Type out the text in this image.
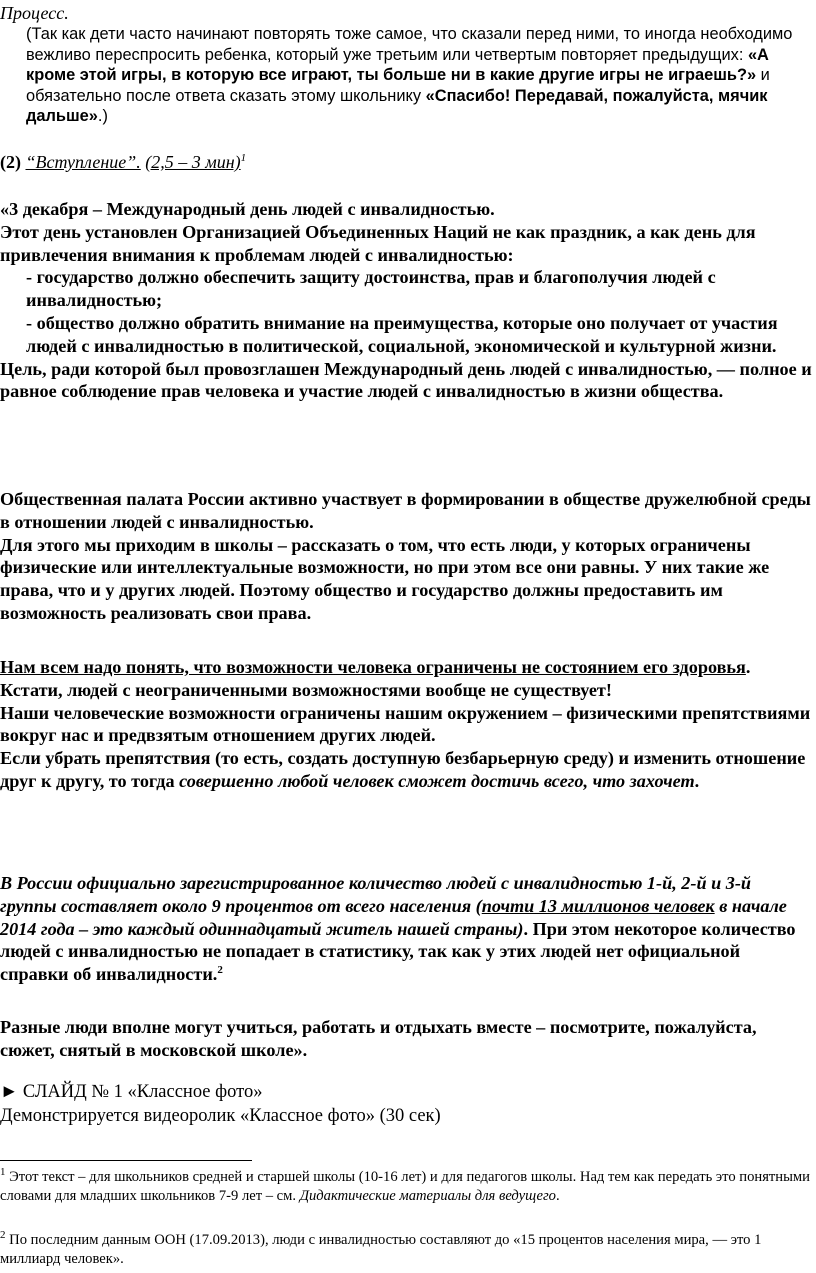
Процесс.
(Так как дети часто начинают повторять тоже самое, что сказали перед ними, то иногда необходимо вежливо переспросить ребенка, который уже третьим или четвертым повторяет предыдущих: «А кроме этой игры, в которую все играют, ты больше ни в какие другие игры не играешь?» и обязательно после ответа сказать этому школьнику «Спасибо! Передавай, пожалуйста, мячик дальше».)
(2) “Вступление”. (2,5 – 3 мин)$^1$
«3 декабря – Международный день людей с инвалидностью.
Этот день установлен Организацией Объединенных Наций не как праздник, а как день для привлечения внимания к проблемам людей с инвалидностью:
- государство должно обеспечить защиту достоинства, прав и благополучия людей с инвалидностью;
- общество должно обратить внимание на преимущества, которые оно получает от участия людей с инвалидностью в политической, социальной, экономической и культурной жизни.
Цель, ради которой был провозглашен Международный день людей с инвалидностью, — полное и равное соблюдение прав человека и участие людей с инвалидностью в жизни общества.
Общественная палата России активно участвует в формировании в обществе дружелюбной среды в отношении людей с инвалидностью.
Для этого мы приходим в школы – рассказать о том, что есть люди, у которых ограничены физические или интеллектуальные возможности, но при этом все они равны. У них такие же права, что и у других людей. Поэтому общество и государство должны предоставить им возможность реализовать свои права.
Нам всем надо понять, что возможности человека ограничены не состоянием его здоровья.
Кстати, людей с неограниченными возможностями вообще не существует!
Наши человеческие возможности ограничены нашим окружением – физическими препятствиями вокруг нас и предвзятым отношением других людей.
Если убрать препятствия (то есть, создать доступную безбарьерную среду) и изменить отношение друг к другу, то тогда совершенно любой человек сможет достичь всего, что захочет.
В России официально зарегистрированное количество людей с инвалидностью 1-й, 2-й и 3-й группы составляет около 9 процентов от всего населения (почти 13 миллионов человек в начале 2014 года – это каждый одиннадцатый житель нашей страны). При этом некоторое количество людей с инвалидностью не попадает в статистику, так как у этих людей нет официальной справки об инвалидности.$^2$
Разные люди вполне могут учиться, работать и отдыхать вместе – посмотрите, пожалуйста, сюжет, снятый в московской школе».
► СЛАЙД № 1 «Классное фото»
Демонстрируется видеоролик «Классное фото» (30 сек)
$^1$ Этот текст – для школьников средней и старшей школы (10-16 лет) и для педагогов школы. Над тем как передать это понятными словами для младших школьников 7-9 лет – см. Дидактические материалы для ведущего.
$^2$ По последним данным ООН (17.09.2013), люди с инвалидностью составляют до «15 процентов населения мира, — это 1 миллиард человек».
